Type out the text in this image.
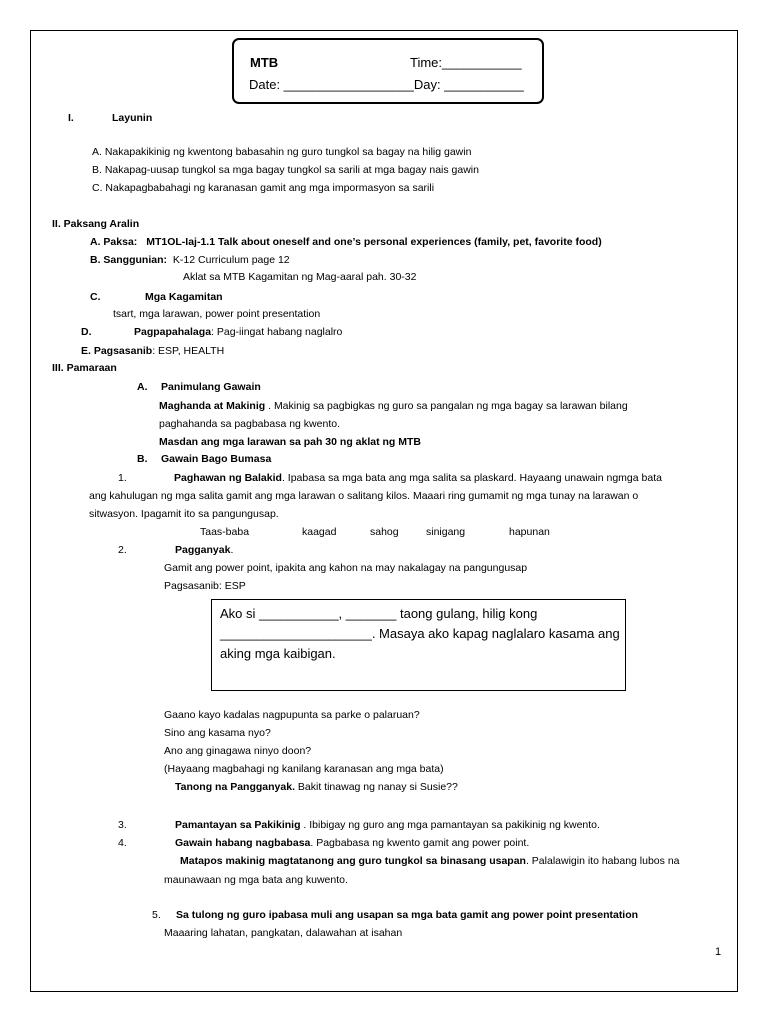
MTB	Time:___________
Date: __________________Day: ___________
I.	Layunin
A. Nakapakikinig ng kwentong babasahin ng guro tungkol sa bagay na hilig gawin
B. Nakapag-uusap tungkol sa mga bagay tungkol sa sarili at mga bagay nais gawin
C. Nakapagbabahagi ng karanasan gamit ang mga impormasyon sa sarili
II. Paksang Aralin
A. Paksa: MT1OL-Iaj-1.1 Talk about oneself and one’s personal experiences (family, pet, favorite food)
B. Sanggunian: K-12 Curriculum page 12
Aklat sa MTB Kagamitan ng Mag-aaral pah. 30-32
C.	Mga Kagamitan
tsart, mga larawan, power point presentation
D.	Pagpapahalaga: Pag-iingat habang naglalro
E. Pagsasanib: ESP, HEALTH
III. Pamaraan
A. Panimulang Gawain
Maghanda at Makinig . Makinig sa pagbigkas ng guro sa pangalan ng mga bagay sa larawan bilang
paghahanda sa pagbabasa ng kwento.
Masdan ang mga larawan sa pah 30 ng aklat ng MTB
B. Gawain Bago Bumasa
1.	Paghawan ng Balakid. Ipabasa sa mga bata ang mga salita sa plaskard. Hayaang unawain ngmga bata
ang kahulugan ng mga salita gamit ang mga larawan o salitang kilos. Maaari ring gumamit ng mga tunay na larawan o
sitwasyon. Ipagamit ito sa pangungusap.
Taas-baba	kaagad	sahog	sinigang	hapunan
2.	Pagganyak.
Gamit ang power point, ipakita ang kahon na may nakalagay na pangungusap
Pagsasanib: ESP
Ako si ___________, _______ taong gulang, hilig kong
_____________________. Masaya ako kapag naglalaro kasama ang
aking mga kaibigan.
Gaano kayo kadalas nagpupunta sa parke o palaruan?
Sino ang kasama nyo?
Ano ang ginagawa ninyo doon?
(Hayaang magbahagi ng kanilang karanasan ang mga bata)
Tanong na Pangganyak. Bakit tinawag ng nanay si Susie??
3.	Pamantayan sa Pakikinig . Ibibigay ng guro ang mga pamantayan sa pakikinig ng kwento.
4.	Gawain habang nagbabasa. Pagbabasa ng kwento gamit ang power point.
Matapos makinig magtatanong ang guro tungkol sa binasang usapan. Palalawigin ito habang lubos na
maunawaan ng mga bata ang kuwento.
5. Sa tulong ng guro ipabasa muli ang usapan sa mga bata gamit ang power point presentation
Maaaring lahatan, pangkatan, dalawahan at isahan
1
